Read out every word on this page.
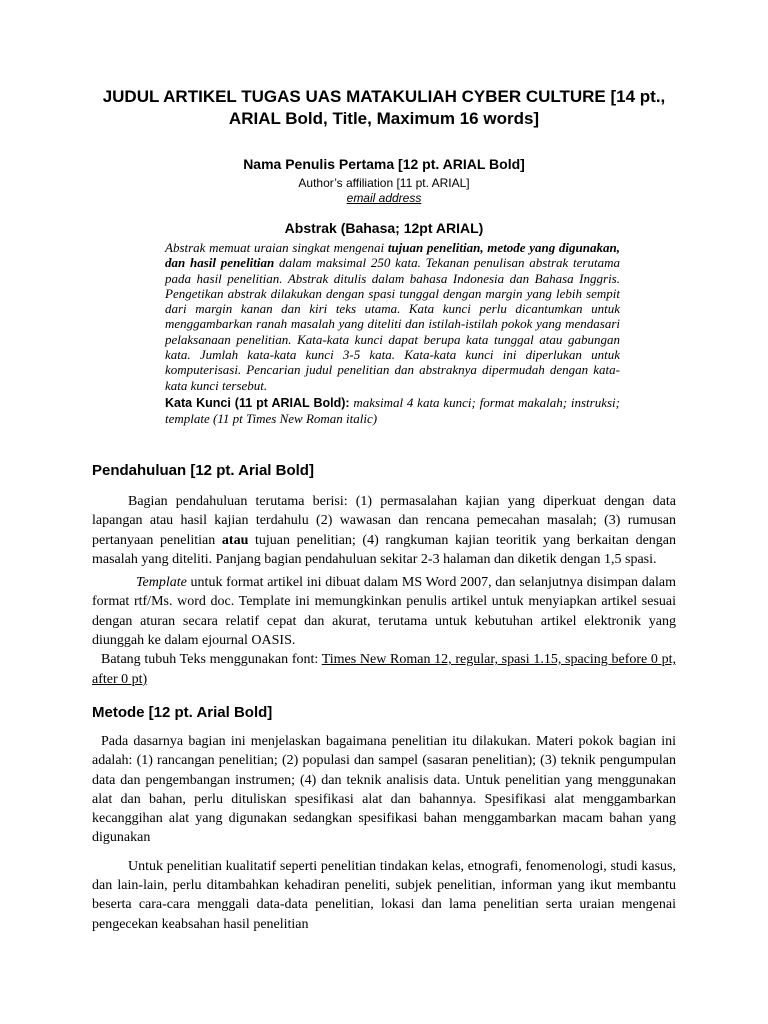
JUDUL ARTIKEL TUGAS UAS MATAKULIAH CYBER CULTURE [14 pt., ARIAL Bold, Title, Maximum 16 words]
Nama Penulis Pertama [12 pt. ARIAL Bold]
Author’s affiliation [11 pt. ARIAL]
email address
Abstrak (Bahasa; 12pt ARIAL)

Abstrak memuat uraian singkat mengenai tujuan penelitian, metode yang digunakan, dan hasil penelitian dalam maksimal 250 kata. Tekanan penulisan abstrak terutama pada hasil penelitian. Abstrak ditulis dalam bahasa Indonesia dan Bahasa Inggris. Pengetikan abstrak dilakukan dengan spasi tunggal dengan margin yang lebih sempit dari margin kanan dan kiri teks utama. Kata kunci perlu dicantumkan untuk menggambarkan ranah masalah yang diteliti dan istilah-istilah pokok yang mendasari pelaksanaan penelitian. Kata-kata kunci dapat berupa kata tunggal atau gabungan kata. Jumlah kata-kata kunci 3-5 kata. Kata-kata kunci ini diperlukan untuk komputerisasi. Pencarian judul penelitian dan abstraknya dipermudah dengan kata-kata kunci tersebut.

Kata Kunci (11 pt ARIAL Bold): maksimal 4 kata kunci; format makalah; instruksi; template (11 pt Times New Roman italic)

Pendahuluan [12 pt. Arial Bold]

Bagian pendahuluan terutama berisi: (1) permasalahan kajian yang diperkuat dengan data lapangan atau hasil kajian terdahulu (2) wawasan dan rencana pemecahan masalah; (3) rumusan pertanyaan penelitian atau tujuan penelitian; (4) rangkuman kajian teoritik yang berkaitan dengan masalah yang diteliti. Panjang bagian pendahuluan sekitar 2-3 halaman dan diketik dengan 1,5 spasi.

Template untuk format artikel ini dibuat dalam MS Word 2007, dan selanjutnya disimpan dalam format rtf/Ms. word doc. Template ini memungkinkan penulis artikel untuk menyiapkan artikel sesuai dengan aturan secara relatif cepat dan akurat, terutama untuk kebutuhan artikel elektronik yang diunggah ke dalam ejournal OASIS.

Batang tubuh Teks menggunakan font: Times New Roman 12, regular, spasi 1.15, spacing before 0 pt, after 0 pt)

Metode [12 pt. Arial Bold]

Pada dasarnya bagian ini menjelaskan bagaimana penelitian itu dilakukan. Materi pokok bagian ini adalah: (1) rancangan penelitian; (2) populasi dan sampel (sasaran penelitian); (3) teknik pengumpulan data dan pengembangan instrumen; (4) dan teknik analisis data. Untuk penelitian yang menggunakan alat dan bahan, perlu dituliskan spesifikasi alat dan bahannya. Spesifikasi alat menggambarkan kecanggihan alat yang digunakan sedangkan spesifikasi bahan menggambarkan macam bahan yang digunakan

Untuk penelitian kualitatif seperti penelitian tindakan kelas, etnografi, fenomenologi, studi kasus, dan lain-lain, perlu ditambahkan kehadiran peneliti, subjek penelitian, informan yang ikut membantu beserta cara-cara menggali data-data penelitian, lokasi dan lama penelitian serta uraian mengenai pengecekan keabsahan hasil penelitian
